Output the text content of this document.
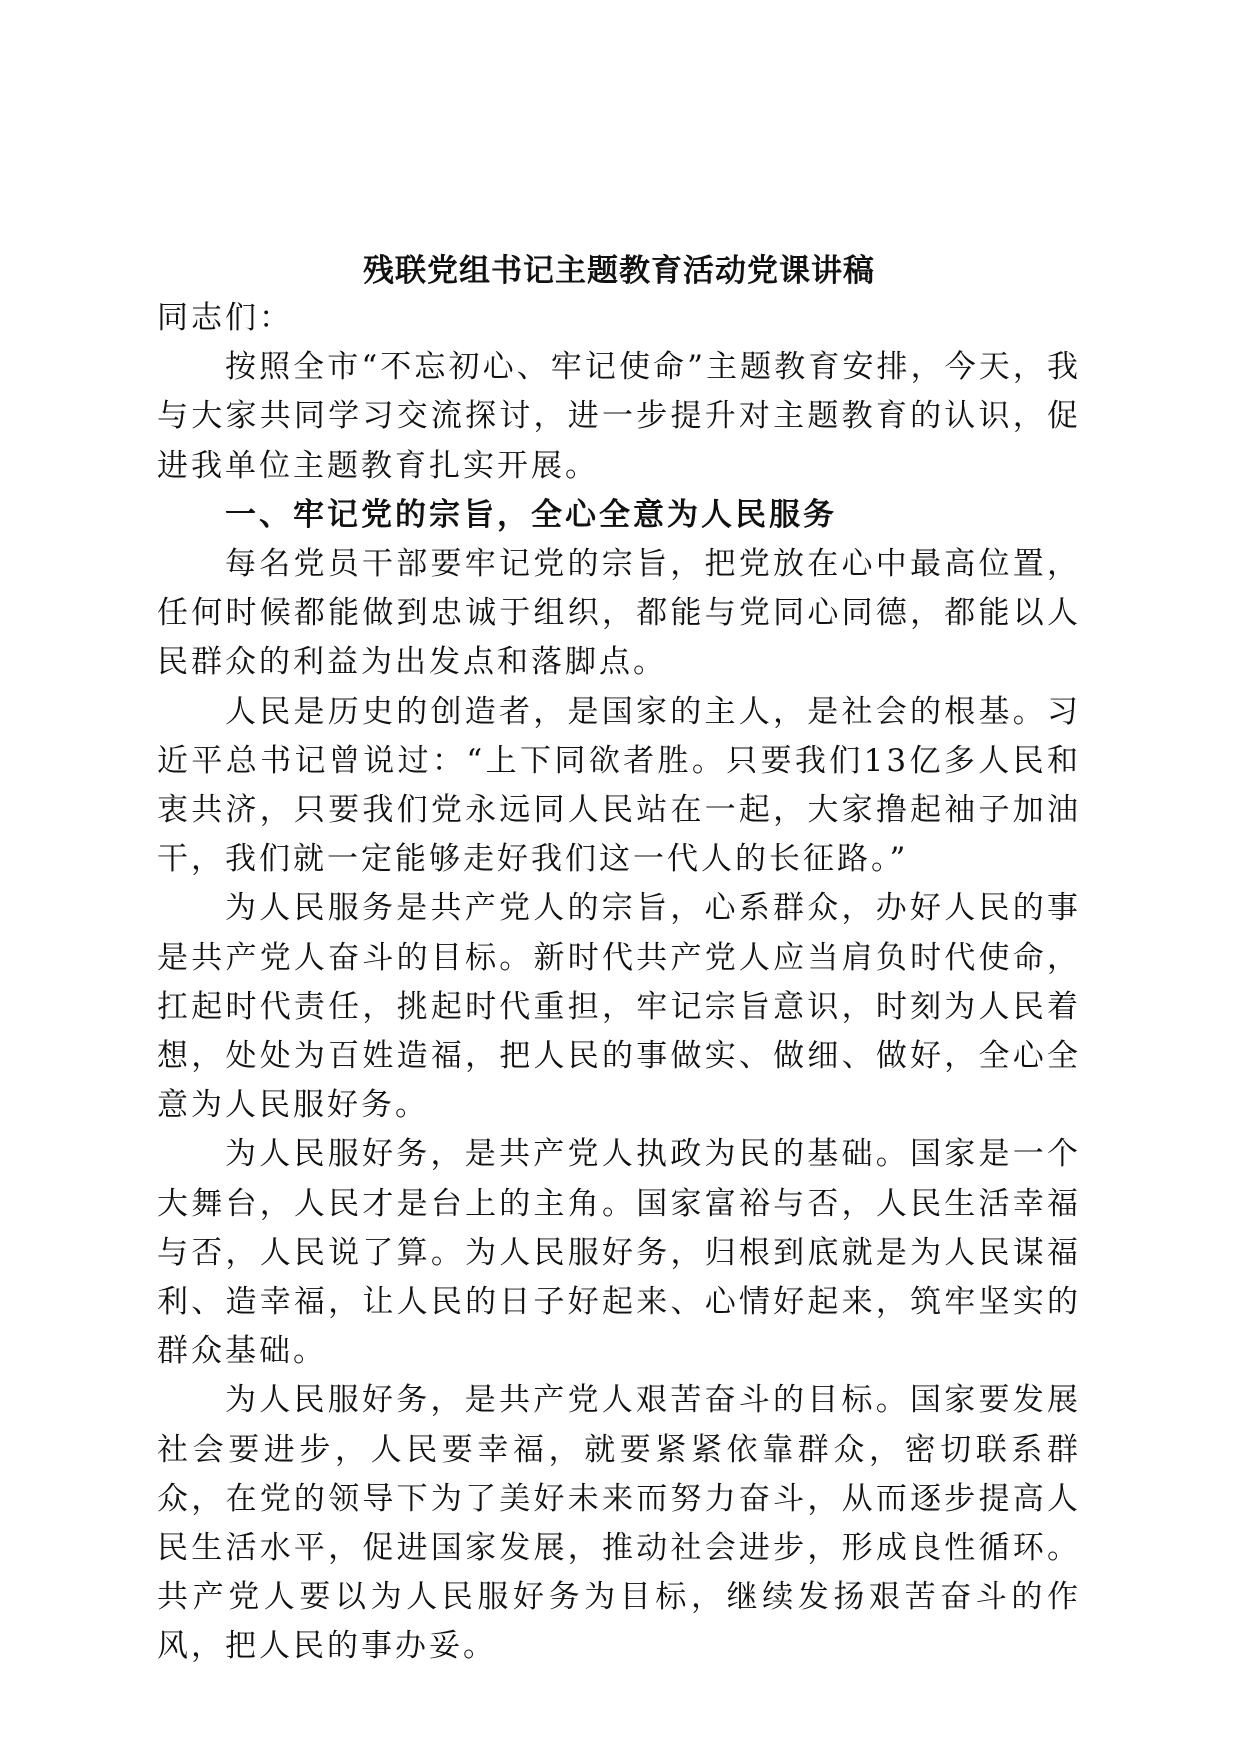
残联党组书记主题教育活动党课讲稿

同志们：

按照全市“不忘初心、牢记使命”主题教育安排，今天，我与大家共同学习交流探讨，进一步提升对主题教育的认识，促进我单位主题教育扎实开展。

一、牢记党的宗旨，全心全意为人民服务

每名党员干部要牢记党的宗旨，把党放在心中最高位置，任何时候都能做到忠诚于组织，都能与党同心同德，都能以人民群众的利益为出发点和落脚点。

人民是历史的创造者，是国家的主人，是社会的根基。习近平总书记曾说过：“上下同欲者胜。只要我们13亿多人民和衷共济，只要我们党永远同人民站在一起，大家撸起袖子加油干，我们就一定能够走好我们这一代人的长征路。”

为人民服务是共产党人的宗旨，心系群众，办好人民的事是共产党人奋斗的目标。新时代共产党人应当肩负时代使命，扛起时代责任，挑起时代重担，牢记宗旨意识，时刻为人民着想，处处为百姓造福，把人民的事做实、做细、做好，全心全意为人民服好务。

为人民服好务，是共产党人执政为民的基础。国家是一个大舞台，人民才是台上的主角。国家富裕与否，人民生活幸福与否，人民说了算。为人民服好务，归根到底就是为人民谋福利、造幸福，让人民的日子好起来、心情好起来，筑牢坚实的群众基础。

为人民服好务，是共产党人艰苦奋斗的目标。国家要发展社会要进步，人民要幸福，就要紧紧依靠群众，密切联系群众，在党的领导下为了美好未来而努力奋斗，从而逐步提高人民生活水平，促进国家发展，推动社会进步，形成良性循环。共产党人要以为人民服好务为目标，继续发扬艰苦奋斗的作风，把人民的事办妥。
